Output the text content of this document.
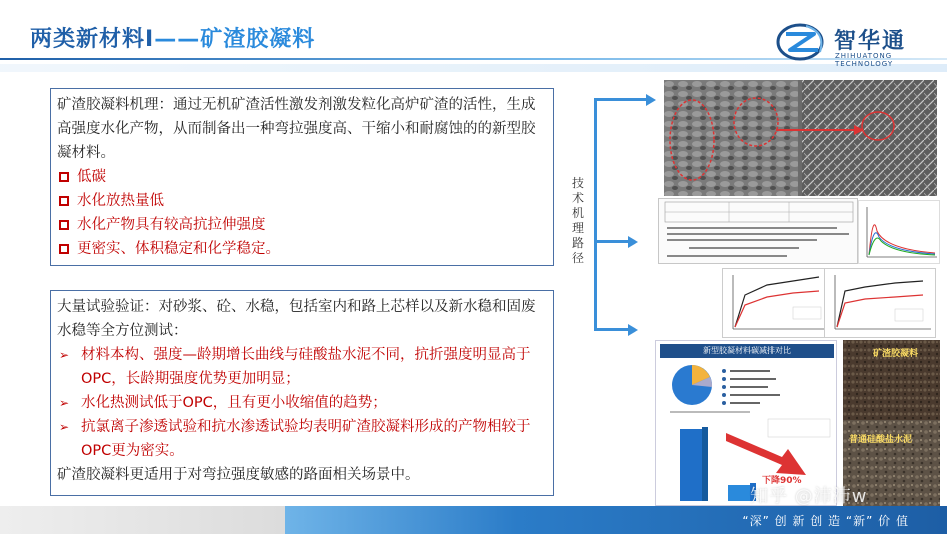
两类新材料I——矿渣胶凝料	智华通
ZHIHUATONG TECHNOLOGY
矿渣胶凝料机理：通过无机矿渣活性激发剂激发粒化高炉矿渣的活性，生成高强度水化产物，从而制备出一种弯拉强度高、干缩小和耐腐蚀的的新型胶凝材料。
低碳
水化放热量低
水化产物具有较高抗拉伸强度
更密实、体积稳定和化学稳定。
大量试验验证：对砂浆、砼、水稳，包括室内和路上芯样以及新水稳和固废水稳等全方位测试：
➢ 材料本构、强度—龄期增长曲线与硅酸盐水泥不同，抗折强度明显高于OPC，长龄期强度优势更加明显；
➢ 水化热测试低于OPC，且有更小收缩值的趋势；
➢ 抗氯离子渗透试验和抗水渗透试验均表明矿渣胶凝料形成的产物相较于OPC更为密实。
矿渣胶凝料更适用于对弯拉强度敏感的路面相关场景中。
技术机理路径
新型胶凝材料碳减排对比
下降90%
矿渣胶凝料
普通硅酸盐水泥
“深” 创 新 创 造 “新” 价 值
知乎 @沛沛w
